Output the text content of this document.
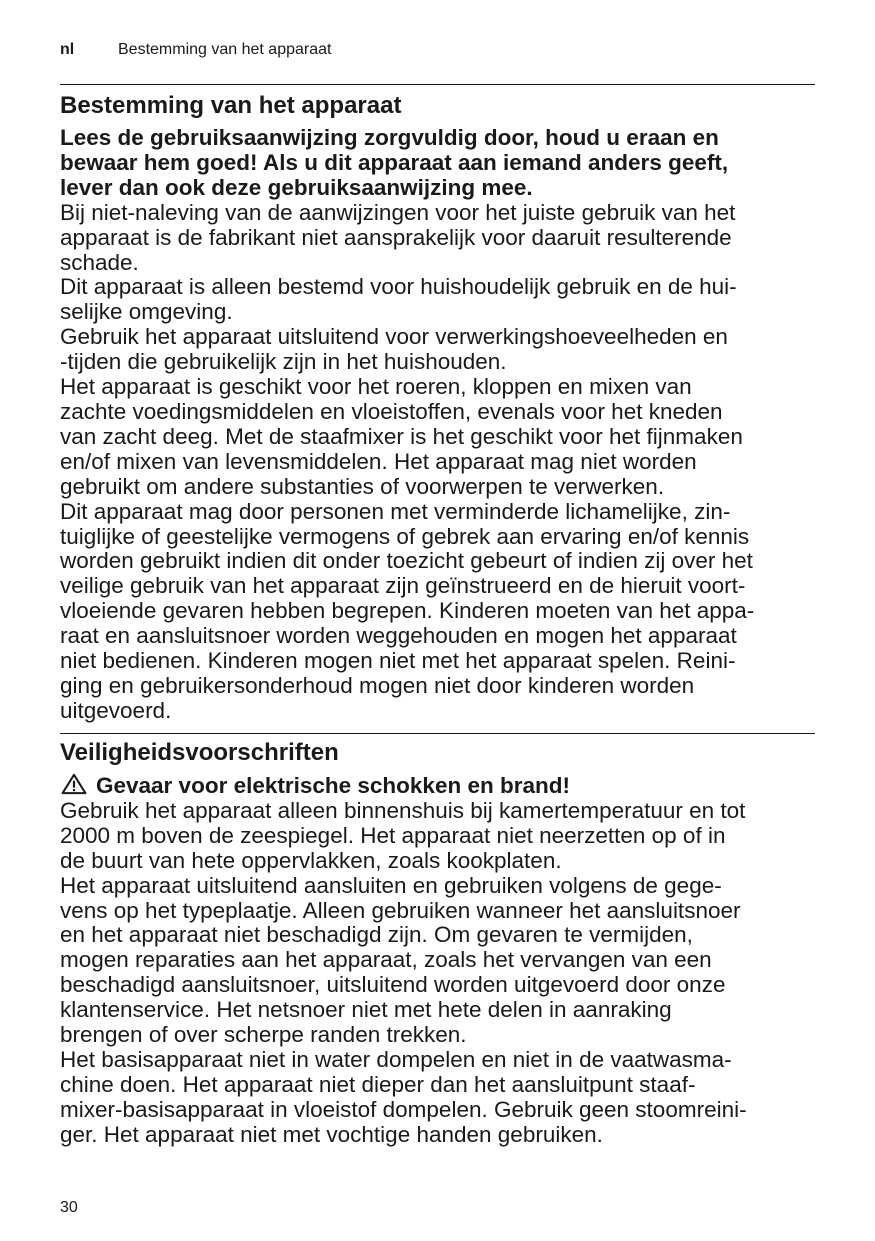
nl	Bestemming van het apparaat
Bestemming van het apparaat
Lees de gebruiksaanwijzing zorgvuldig door, houd u eraan en
bewaar hem goed! Als u dit apparaat aan iemand anders geeft,
lever dan ook deze gebruiksaanwijzing mee.
Bij niet-naleving van de aanwijzingen voor het juiste gebruik van het
apparaat is de fabrikant niet aansprakelijk voor daaruit resulterende
schade.
Dit apparaat is alleen bestemd voor huishoudelijk gebruik en de hui-
selijke omgeving.
Gebruik het apparaat uitsluitend voor verwerkingshoeveelheden en
-tijden die gebruikelijk zijn in het huishouden.
Het apparaat is geschikt voor het roeren, kloppen en mixen van
zachte voedingsmiddelen en vloeistoffen, evenals voor het kneden
van zacht deeg. Met de staafmixer is het geschikt voor het fijnmaken
en/of mixen van levensmiddelen. Het apparaat mag niet worden
gebruikt om andere substanties of voorwerpen te verwerken.
Dit apparaat mag door personen met verminderde lichamelijke, zin-
tuiglijke of geestelijke vermogens of gebrek aan ervaring en/of kennis
worden gebruikt indien dit onder toezicht gebeurt of indien zij over het
veilige gebruik van het apparaat zijn geïnstrueerd en de hieruit voort-
vloeiende gevaren hebben begrepen. Kinderen moeten van het appa-
raat en aansluitsnoer worden weggehouden en mogen het apparaat
niet bedienen. Kinderen mogen niet met het apparaat spelen. Reini-
ging en gebruikersonderhoud mogen niet door kinderen worden
uitgevoerd.
Veiligheidsvoorschriften
Gevaar voor elektrische schokken en brand!
Gebruik het apparaat alleen binnenshuis bij kamertemperatuur en tot
2000 m boven de zeespiegel. Het apparaat niet neerzetten op of in
de buurt van hete oppervlakken, zoals kookplaten.
Het apparaat uitsluitend aansluiten en gebruiken volgens de gege-
vens op het typeplaatje. Alleen gebruiken wanneer het aansluitsnoer
en het apparaat niet beschadigd zijn. Om gevaren te vermijden,
mogen reparaties aan het apparaat, zoals het vervangen van een
beschadigd aansluitsnoer, uitsluitend worden uitgevoerd door onze
klantenservice. Het netsnoer niet met hete delen in aanraking
brengen of over scherpe randen trekken.
Het basisapparaat niet in water dompelen en niet in de vaatwasma-
chine doen. Het apparaat niet dieper dan het aansluitpunt staaf-
mixer-basisapparaat in vloeistof dompelen. Gebruik geen stoomreini-
ger. Het apparaat niet met vochtige handen gebruiken.
30
